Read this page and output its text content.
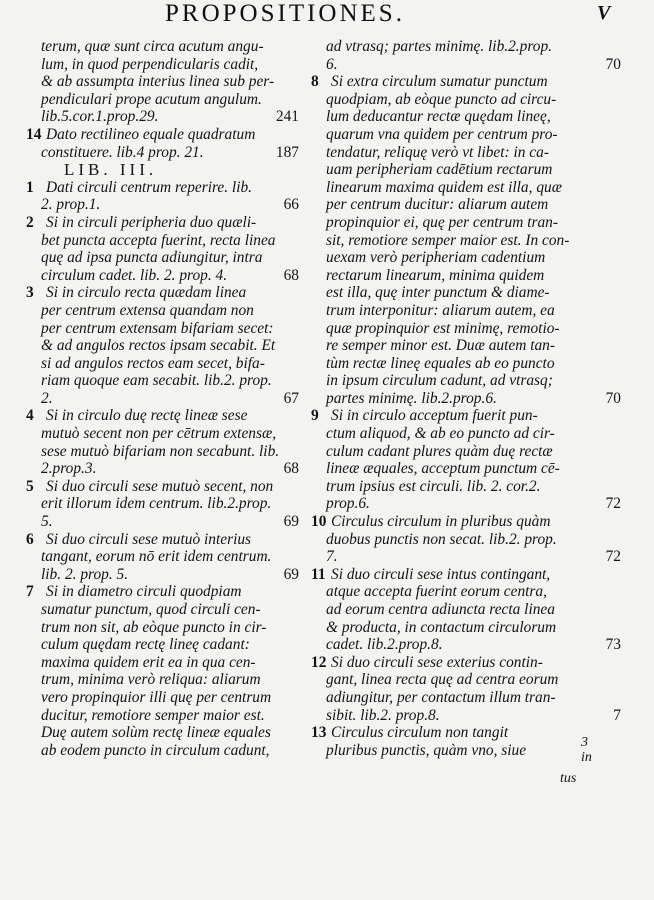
PROPOSITIONES.	V
terum, quæ sunt circa acutum angu-
lum, in quod perpendicularis cadit,
& ab assumpta interius linea sub per-
pendiculari prope acutum angulum.
lib.5.cor.1.prop.29.	241
14 Dato rectilineo equale quadratum
constituere. lib.4 prop. 21.	187
LIB. III.
1 Dati circuli centrum reperire. lib.
2. prop.1.	66
2 Si in circuli peripheria duo quæli-
bet puncta accepta fuerint, recta linea
quę ad ipsa puncta adiungitur, intra
circulum cadet. lib. 2. prop. 4.	68
3 Si in circulo recta quædam linea
per centrum extensa quandam non
per centrum extensam bifariam secet:
& ad angulos rectos ipsam secabit. Et
si ad angulos rectos eam secet, bifa-
riam quoque eam secabit. lib.2. prop.
2.	67
4 Si in circulo duę rectę lineæ sese
mutuò secent non per cētrum extensæ,
sese mutuò bifariam non secabunt. lib.
2.prop.3.	68
5 Si duo circuli sese mutuò secent, non
erit illorum idem centrum. lib.2.prop.
5.	69
6 Si duo circuli sese mutuò interius
tangant, eorum nō erit idem centrum.
lib. 2. prop. 5.	69
7 Si in diametro circuli quodpiam
sumatur punctum, quod circuli cen-
trum non sit, ab eòque puncto in cir-
culum quędam rectę lineę cadant:
maxima quidem erit ea in qua cen-
trum, minima verò reliqua: aliarum
vero propinquior illi quę per centrum
ducitur, remotiore semper maior est.
Duę autem solùm rectę lineæ equales
ab eodem puncto in circulum cadunt,
ad vtrasq; partes minimę. lib.2.prop.
6.	70
8 Si extra circulum sumatur punctum
quodpiam, ab eòque puncto ad circu-
lum deducantur rectæ quędam lineę,
quarum vna quidem per centrum pro-
tendatur, reliquę verò vt libet: in ca-
uam peripheriam cadētium rectarum
linearum maxima quidem est illa, quæ
per centrum ducitur: aliarum autem
propinquior ei, quę per centrum tran-
sit, remotiore semper maior est. In con-
uexam verò peripheriam cadentium
rectarum linearum, minima quidem
est illa, quę inter punctum & diame-
trum interponitur: aliarum autem, ea
quæ propinquior est minimę, remotio-
re semper minor est. Duæ autem tan-
tùm rectæ lineę equales ab eo puncto
in ipsum circulum cadunt, ad vtrasq;
partes minimę. lib.2.prop.6.	70
9 Si in circulo acceptum fuerit pun-
ctum aliquod, & ab eo puncto ad cir-
culum cadant plures quàm duę rectæ
lineæ æquales, acceptum punctum cē-
trum ipsius est circuli. lib. 2. cor.2.
prop.6.	72
10 Circulus circulum in pluribus quàm
duobus punctis non secat. lib.2. prop.
7.	72
11 Si duo circuli sese intus contingant,
atque accepta fuerint eorum centra,
ad eorum centra adiuncta recta linea
& producta, in contactum circulorum
cadet. lib.2.prop.8.	73
12 Si duo circuli sese exterius contin-
gant, linea recta quę ad centra eorum
adiungitur, per contactum illum tran-
sibit. lib.2. prop.8.	7
13 Circulus circulum non tangit
pluribus punctis, quàm vno, siue	3
in
tus
